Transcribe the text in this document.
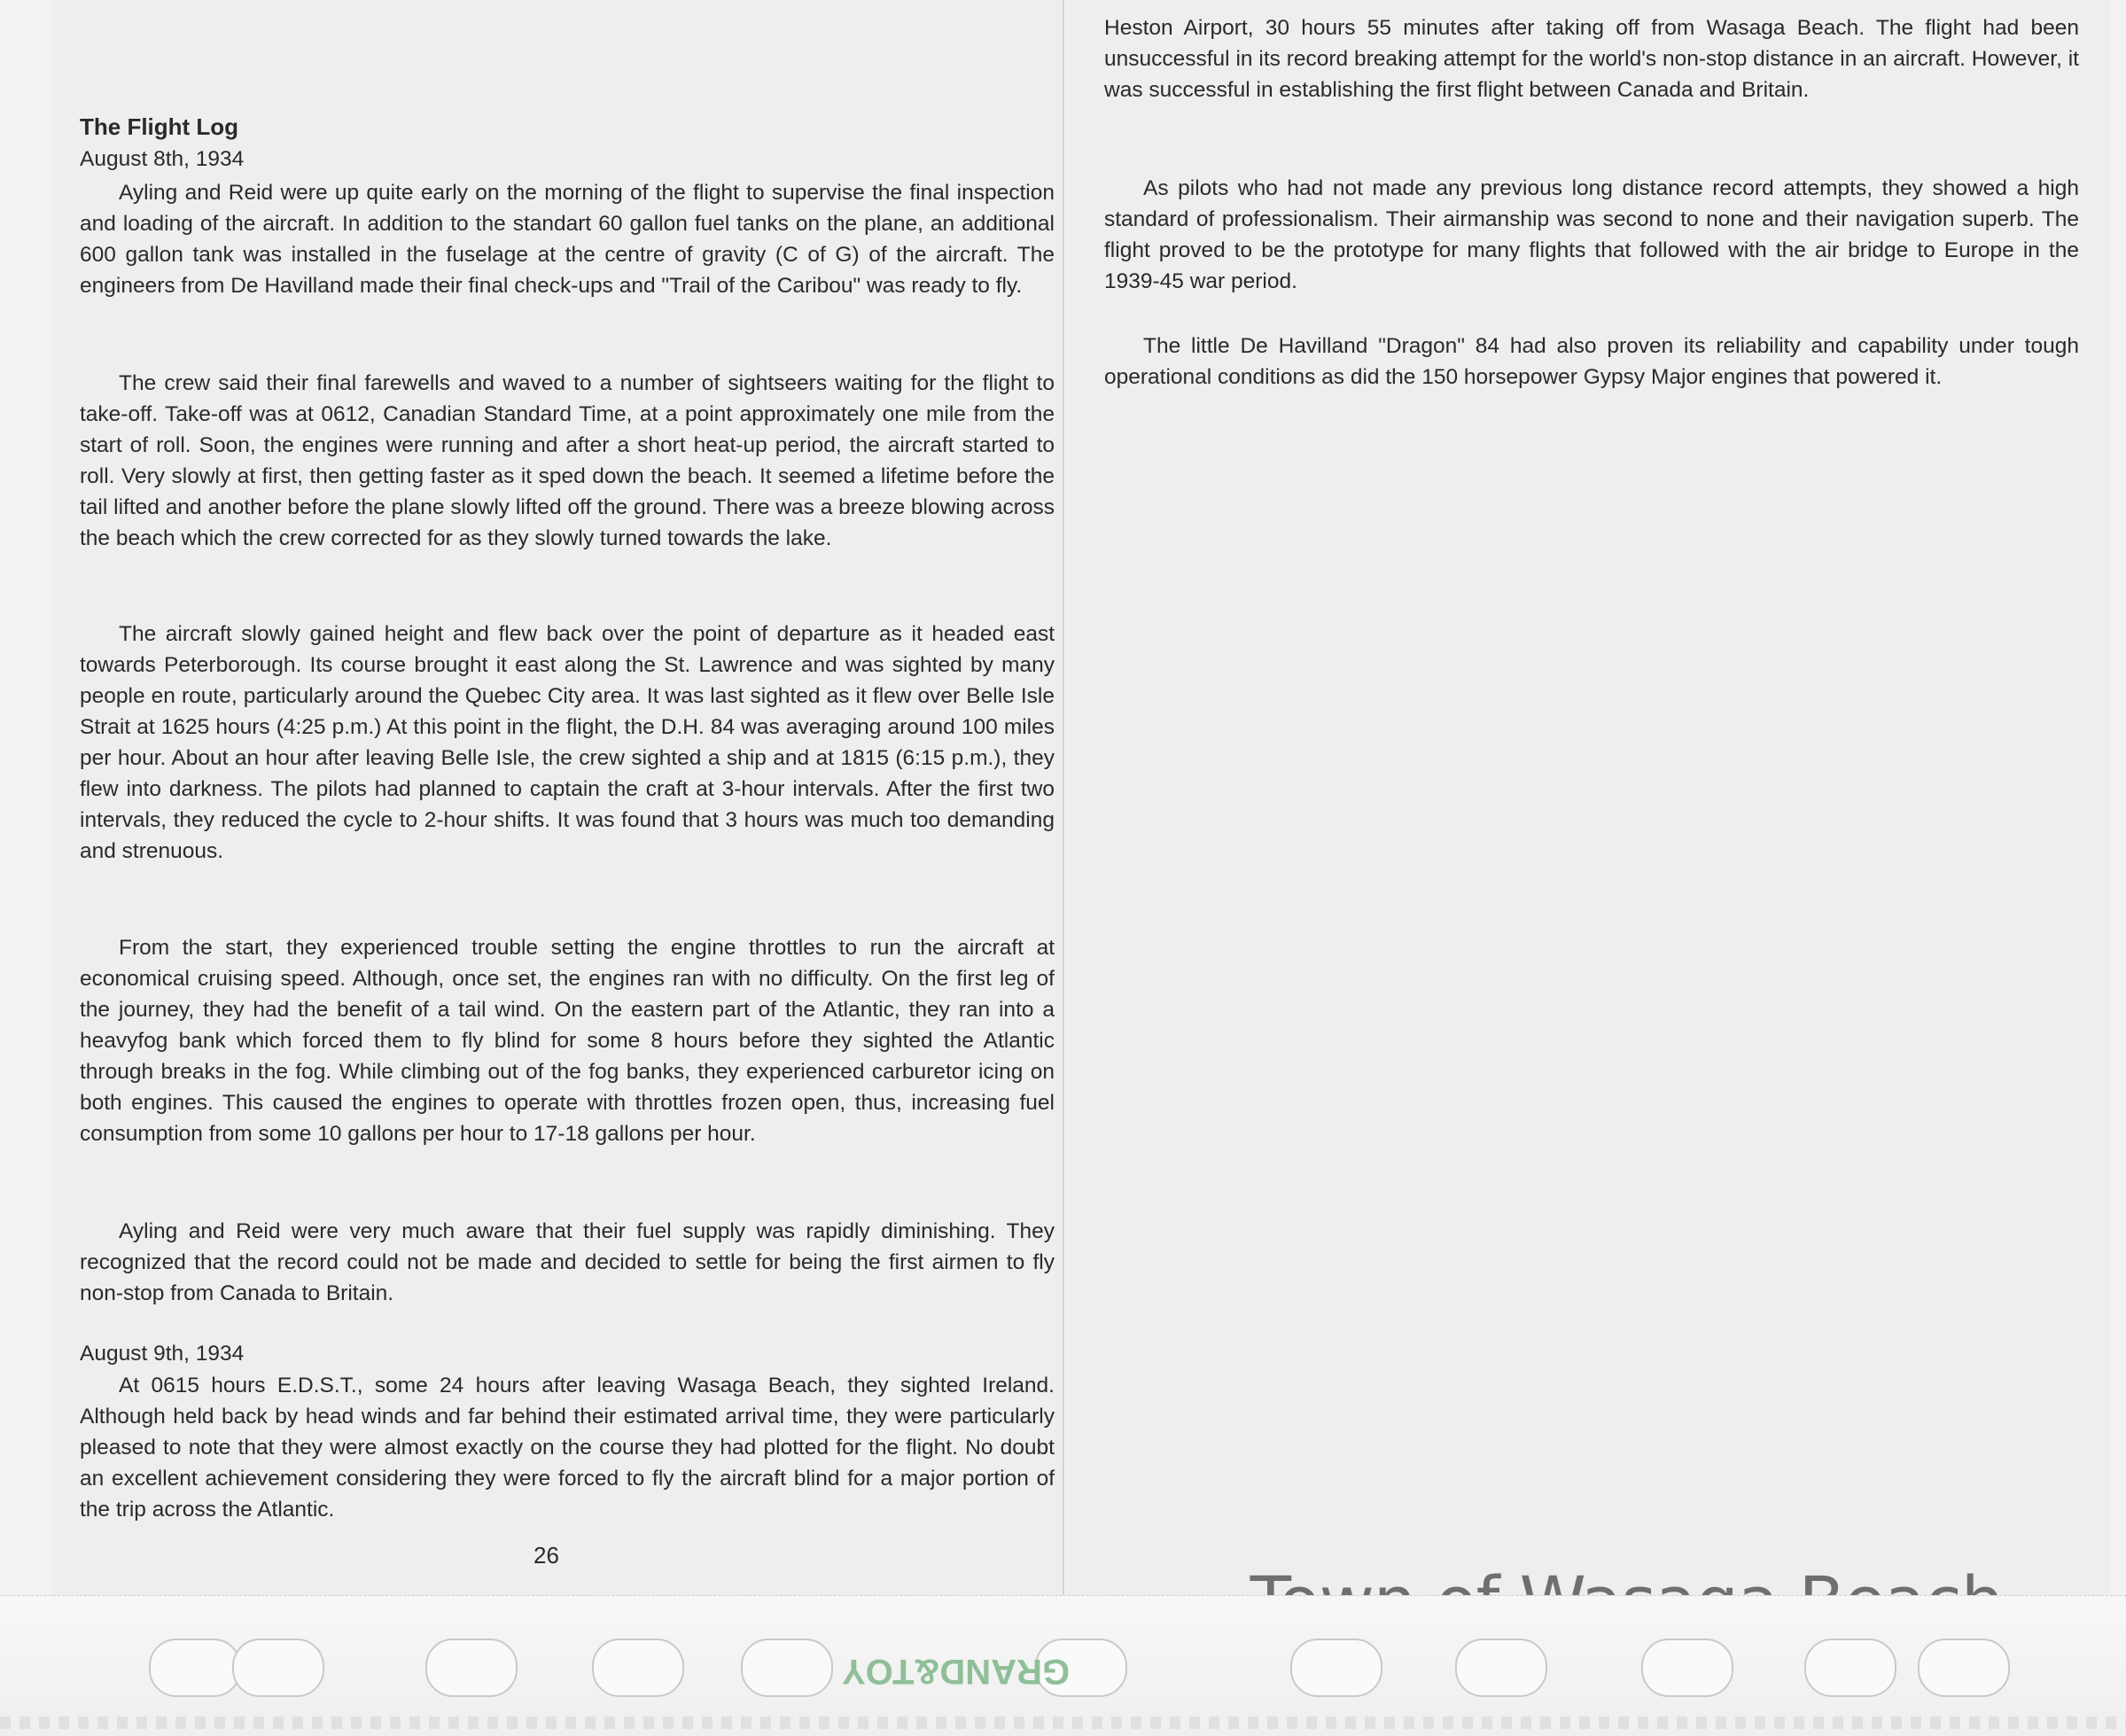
The Flight Log
August 8th, 1934
Ayling and Reid were up quite early on the morning of the flight to supervise the final inspection and loading of the aircraft. In addition to the standart 60 gallon fuel tanks on the plane, an additional 600 gallon tank was installed in the fuselage at the centre of gravity (C of G) of the aircraft. The engineers from De Havilland made their final check-ups and "Trail of the Caribou" was ready to fly.
The crew said their final farewells and waved to a number of sightseers waiting for the flight to take-off. Take-off was at 0612, Canadian Standard Time, at a point approximately one mile from the start of roll. Soon, the engines were running and after a short heat-up period, the aircraft started to roll. Very slowly at first, then getting faster as it sped down the beach. It seemed a lifetime before the tail lifted and another before the plane slowly lifted off the ground. There was a breeze blowing across the beach which the crew corrected for as they slowly turned towards the lake.
The aircraft slowly gained height and flew back over the point of departure as it headed east towards Peterborough. Its course brought it east along the St. Lawrence and was sighted by many people en route, particularly around the Quebec City area. It was last sighted as it flew over Belle Isle Strait at 1625 hours (4:25 p.m.) At this point in the flight, the D.H. 84 was averaging around 100 miles per hour. About an hour after leaving Belle Isle, the crew sighted a ship and at 1815 (6:15 p.m.), they flew into darkness. The pilots had planned to captain the craft at 3-hour intervals. After the first two intervals, they reduced the cycle to 2-hour shifts. It was found that 3 hours was much too demanding and strenuous.
From the start, they experienced trouble setting the engine throttles to run the aircraft at economical cruising speed. Although, once set, the engines ran with no difficulty. On the first leg of the journey, they had the benefit of a tail wind. On the eastern part of the Atlantic, they ran into a heavyfog bank which forced them to fly blind for some 8 hours before they sighted the Atlantic through breaks in the fog. While climbing out of the fog banks, they experienced carburetor icing on both engines. This caused the engines to operate with throttles frozen open, thus, increasing fuel consumption from some 10 gallons per hour to 17-18 gallons per hour.
Ayling and Reid were very much aware that their fuel supply was rapidly diminishing. They recognized that the record could not be made and decided to settle for being the first airmen to fly non-stop from Canada to Britain.
August 9th, 1934
At 0615 hours E.D.S.T., some 24 hours after leaving Wasaga Beach, they sighted Ireland. Although held back by head winds and far behind their estimated arrival time, they were particularly pleased to note that they were almost exactly on the course they had plotted for the flight. No doubt an excellent achievement considering they were forced to fly the aircraft blind for a major portion of the trip across the Atlantic.
26
Heston Airport, 30 hours 55 minutes after taking off from Wasaga Beach. The flight had been unsuccessful in its record breaking attempt for the world's non-stop distance in an aircraft. However, it was successful in establishing the first flight between Canada and Britain.
As pilots who had not made any previous long distance record attempts, they showed a high standard of professionalism. Their airmanship was second to none and their navigation superb. The flight proved to be the prototype for many flights that followed with the air bridge to Europe in the 1939-45 war period.
The little De Havilland "Dragon" 84 had also proven its reliability and capability under tough operational conditions as did the 150 horsepower Gypsy Major engines that powered it.
GRAND&TOY
